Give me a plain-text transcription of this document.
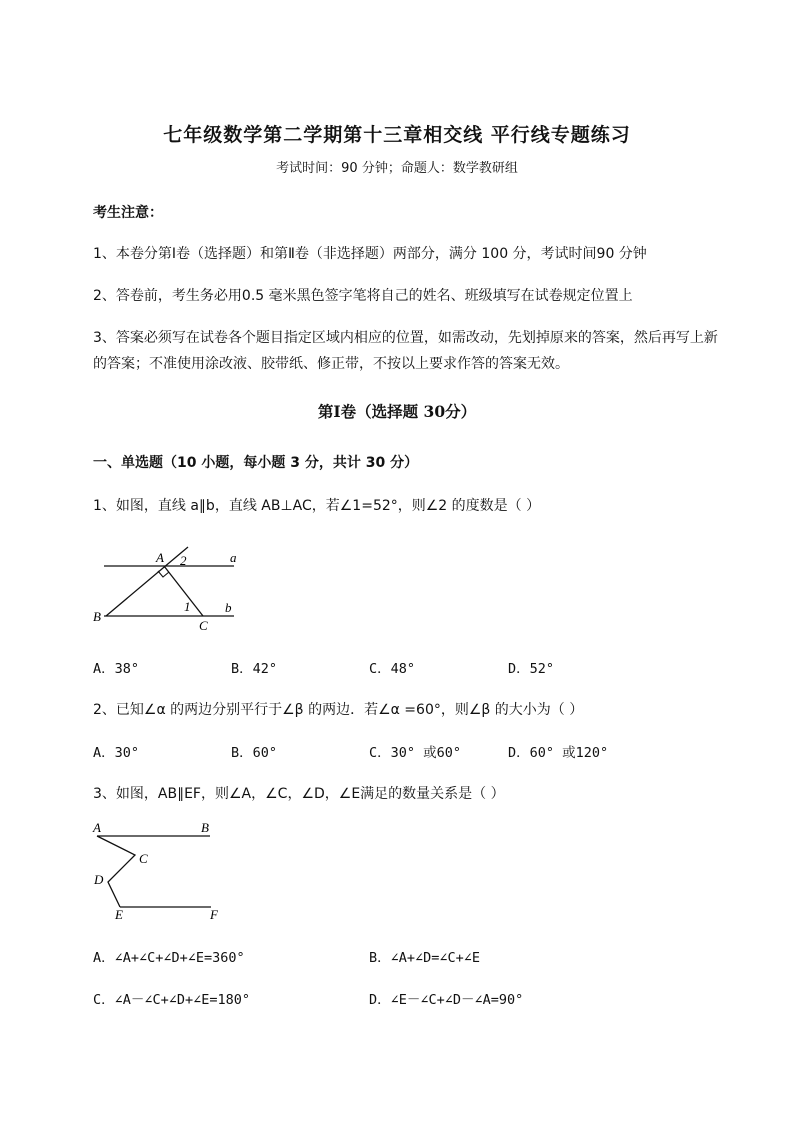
七年级数学第二学期第十三章相交线 平行线专题练习
考试时间：90 分钟；命题人：数学教研组
考生注意：
1、本卷分第I卷（选择题）和第Ⅱ卷（非选择题）两部分，满分 100 分，考试时间90 分钟
2、答卷前，考生务必用0.5 毫米黑色签字笔将自己的姓名、班级填写在试卷规定位置上
3、答案必须写在试卷各个题目指定区域内相应的位置，如需改动，先划掉原来的答案，然后再写上新
的答案；不准使用涂改液、胶带纸、修正带，不按以上要求作答的答案无效。
第I卷（选择题 30分）
一、单选题（10 小题，每小题 3 分，共计 30 分）
1、如图，直线 a∥b，直线 AB⊥AC，若∠1=52°，则∠2 的度数是（ ）
A 2	a
B
1	b
C
A．38°	B．42°	C．48°	D．52°
2、已知∠α 的两边分别平行于∠β 的两边．若∠α =60°，则∠β 的大小为（ ）
A．30°	B．60°	C．30° 或60°	D．60° 或120°
3、如图，AB∥EF，则∠A，∠C，∠D，∠E满足的数量关系是（ ）
A	B
C
D
E	F
A．∠A+∠C+∠D+∠E=360°	B．∠A+∠D=∠C+∠E
C．∠A－∠C+∠D+∠E=180°	D．∠E－∠C+∠D－∠A=90°
